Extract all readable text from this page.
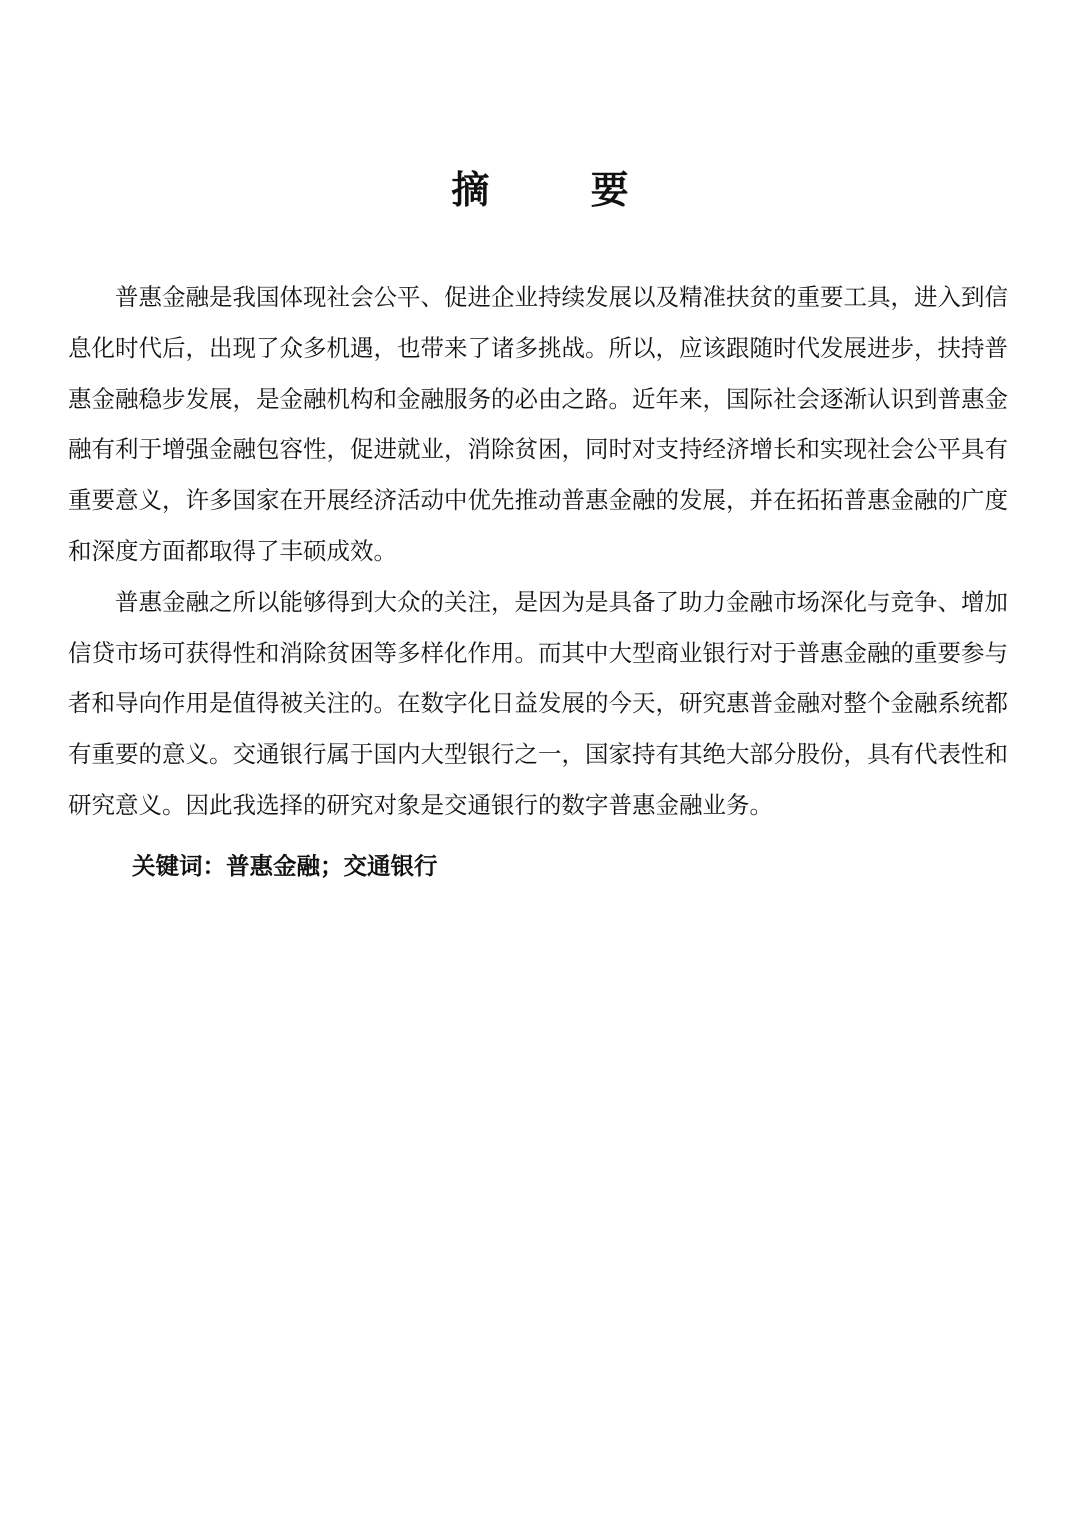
摘 要

普惠金融是我国体现社会公平、促进企业持续发展以及精准扶贫的重要工具，进入到信息化时代后，出现了众多机遇，也带来了诸多挑战。所以，应该跟随时代发展进步，扶持普惠金融稳步发展，是金融机构和金融服务的必由之路。近年来，国际社会逐渐认识到普惠金融有利于增强金融包容性，促进就业，消除贫困，同时对支持经济增长和实现社会公平具有重要意义，许多国家在开展经济活动中优先推动普惠金融的发展，并在拓拓普惠金融的广度和深度方面都取得了丰硕成效。

普惠金融之所以能够得到大众的关注，是因为是具备了助力金融市场深化与竞争、增加信贷市场可获得性和消除贫困等多样化作用。而其中大型商业银行对于普惠金融的重要参与者和导向作用是值得被关注的。在数字化日益发展的今天，研究惠普金融对整个金融系统都有重要的意义。交通银行属于国内大型银行之一，国家持有其绝大部分股份，具有代表性和研究意义。因此我选择的研究对象是交通银行的数字普惠金融业务。

关键词：普惠金融；交通银行
